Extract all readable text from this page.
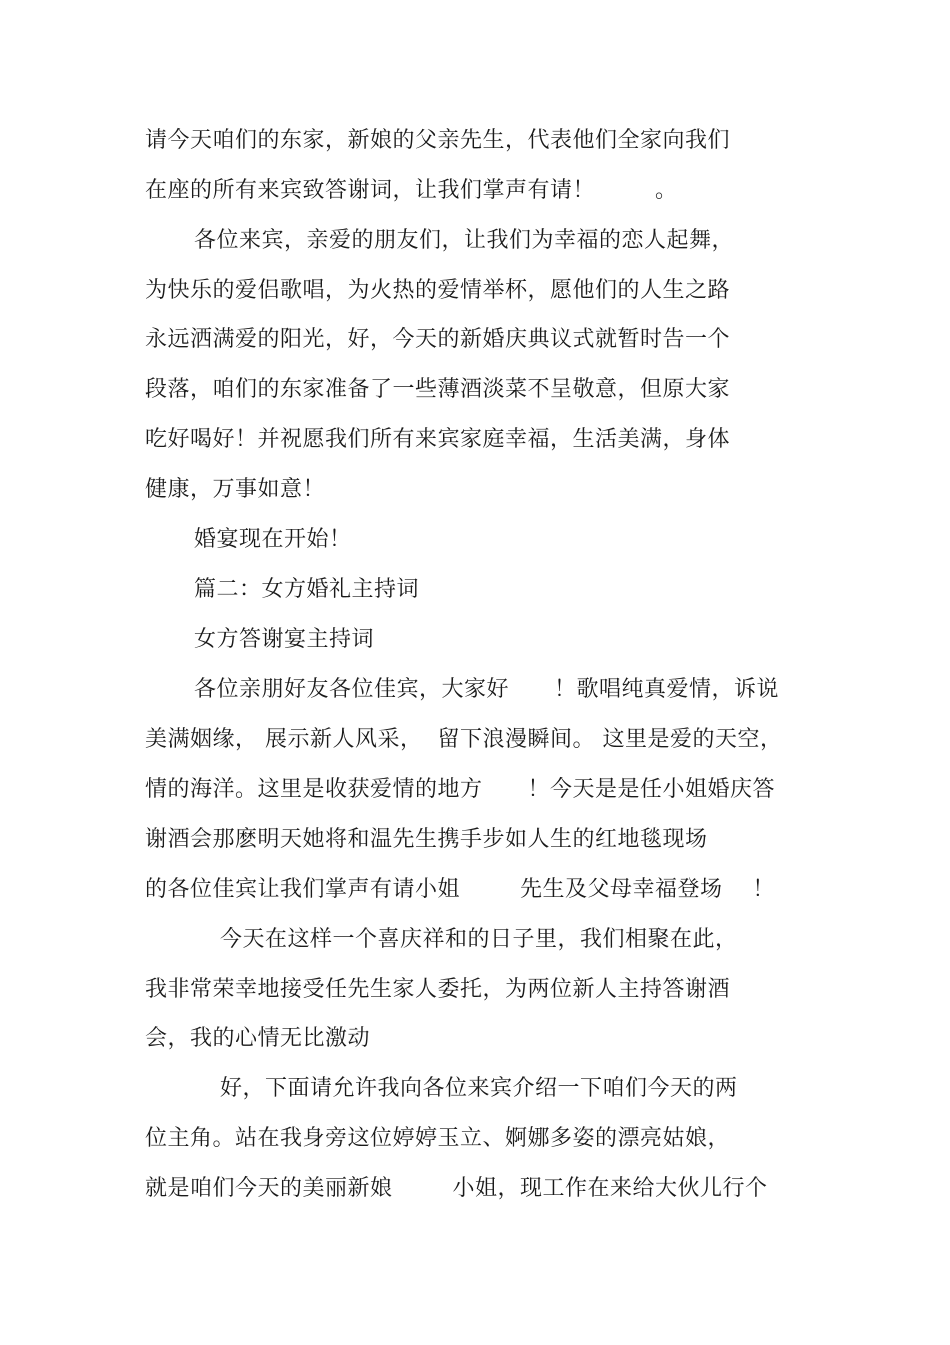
请今天咱们的东家，新娘的父亲先生，代表他们全家向我们
在座的所有来宾致答谢词，让我们掌声有请！        。
各位来宾，亲爱的朋友们，让我们为幸福的恋人起舞，
为快乐的爱侣歌唱，为火热的爱情举杯，愿他们的人生之路
永远洒满爱的阳光，好，今天的新婚庆典议式就暂时告一个
段落，咱们的东家准备了一些薄酒淡菜不呈敬意，但原大家
吃好喝好！并祝愿我们所有来宾家庭幸福，生活美满，身体
健康，万事如意！
婚宴现在开始！
篇二：女方婚礼主持词
女方答谢宴主持词
各位亲朋好友各位佳宾，大家好      ！歌唱纯真爱情，诉说
美满姻缘， 展示新人风采，  留下浪漫瞬间。 这里是爱的天空，
情的海洋。这里是收获爱情的地方      ！今天是是任小姐婚庆答
谢酒会那麽明天她将和温先生携手步如人生的红地毯现场
的各位佳宾让我们掌声有请小姐        先生及父母幸福登场    ！
今天在这样一个喜庆祥和的日子里，我们相聚在此，
我非常荣幸地接受任先生家人委托，为两位新人主持答谢酒
会，我的心情无比激动
好，下面请允许我向各位来宾介绍一下咱们今天的两
位主角。站在我身旁这位婷婷玉立、婀娜多姿的漂亮姑娘，
就是咱们今天的美丽新娘        小姐，现工作在来给大伙儿行个
